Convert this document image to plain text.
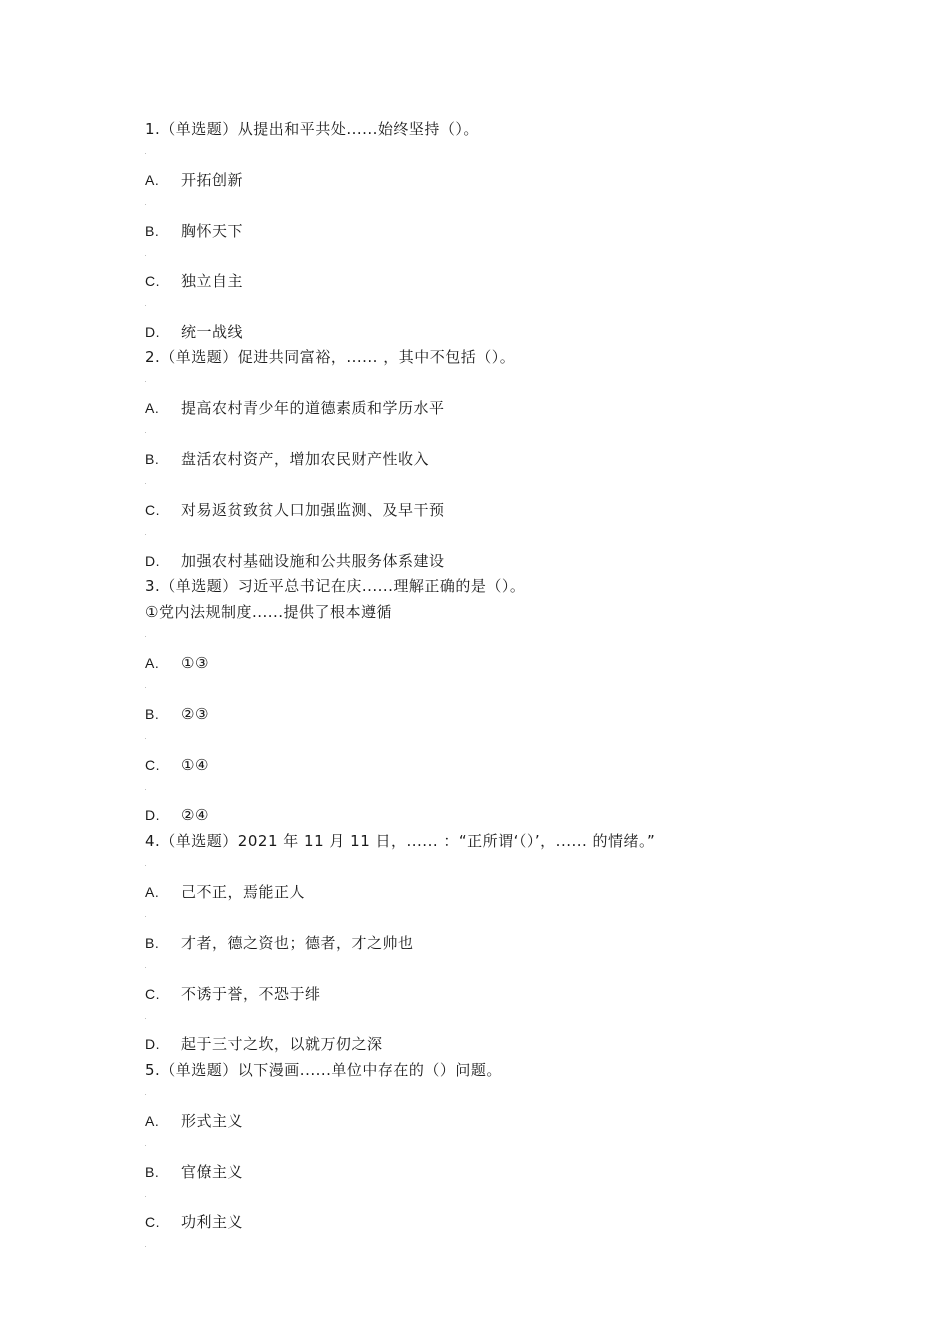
1.（单选题）从提出和平共处......始终坚持（）。
A. 开拓创新
B. 胸怀天下
C. 独立自主
D. 统一战线
2.（单选题）促进共同富裕，...... ，其中不包括（）。
A. 提高农村青少年的道德素质和学历水平
B. 盘活农村资产，增加农民财产性收入
C. 对易返贫致贫人口加强监测、及早干预
D. 加强农村基础设施和公共服务体系建设
3.（单选题）习近平总书记在庆......理解正确的是（）。
①党内法规制度......提供了根本遵循
A. ①③
B. ②③
C. ①④
D. ②④
4.（单选题）2021 年 11 月 11 日，...... ：“正所谓‘（）’，...... 的情绪。”
A. 己不正，焉能正人
B. 才者，德之资也；德者，才之帅也
C. 不诱于誉，不恐于绯
D. 起于三寸之坎，以就万仞之深
5.（单选题）以下漫画......单位中存在的（）问题。
A. 形式主义
B. 官僚主义
C. 功利主义
